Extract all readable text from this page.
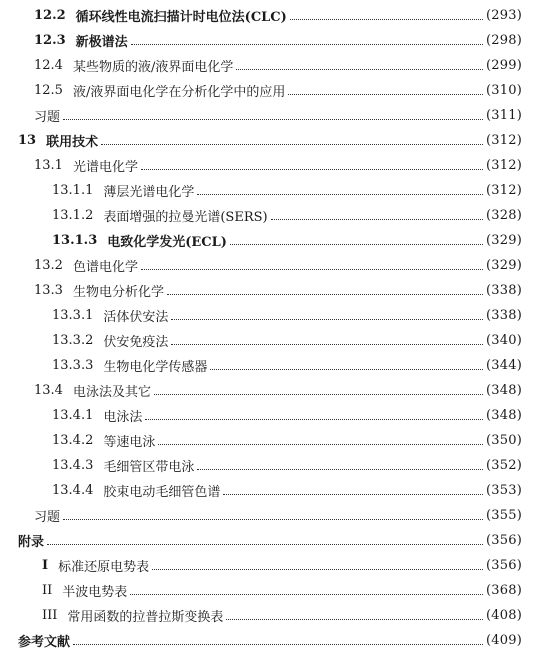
12.2 循环线性电流扫描计时电位法(CLC)	(293)
12.3 新极谱法	(298)
12.4 某些物质的液/液界面电化学	(299)
12.5 液/液界面电化学在分析化学中的应用	(310)
习题	(311)
13 联用技术	(312)
13.1 光谱电化学	(312)
13.1.1 薄层光谱电化学	(312)
13.1.2 表面增强的拉曼光谱(SERS)	(328)
13.1.3 电致化学发光(ECL)	(329)
13.2 色谱电化学	(329)
13.3 生物电分析化学	(338)
13.3.1 活体伏安法	(338)
13.3.2 伏安免疫法	(340)
13.3.3 生物电化学传感器	(344)
13.4 电泳法及其它	(348)
13.4.1 电泳法	(348)
13.4.2 等速电泳	(350)
13.4.3 毛细管区带电泳	(352)
13.4.4 胶束电动毛细管色谱	(353)
习题	(355)
附录	(356)
I 标准还原电势表	(356)
II 半波电势表	(368)
III 常用函数的拉普拉斯变换表	(408)
参考文献	(409)
